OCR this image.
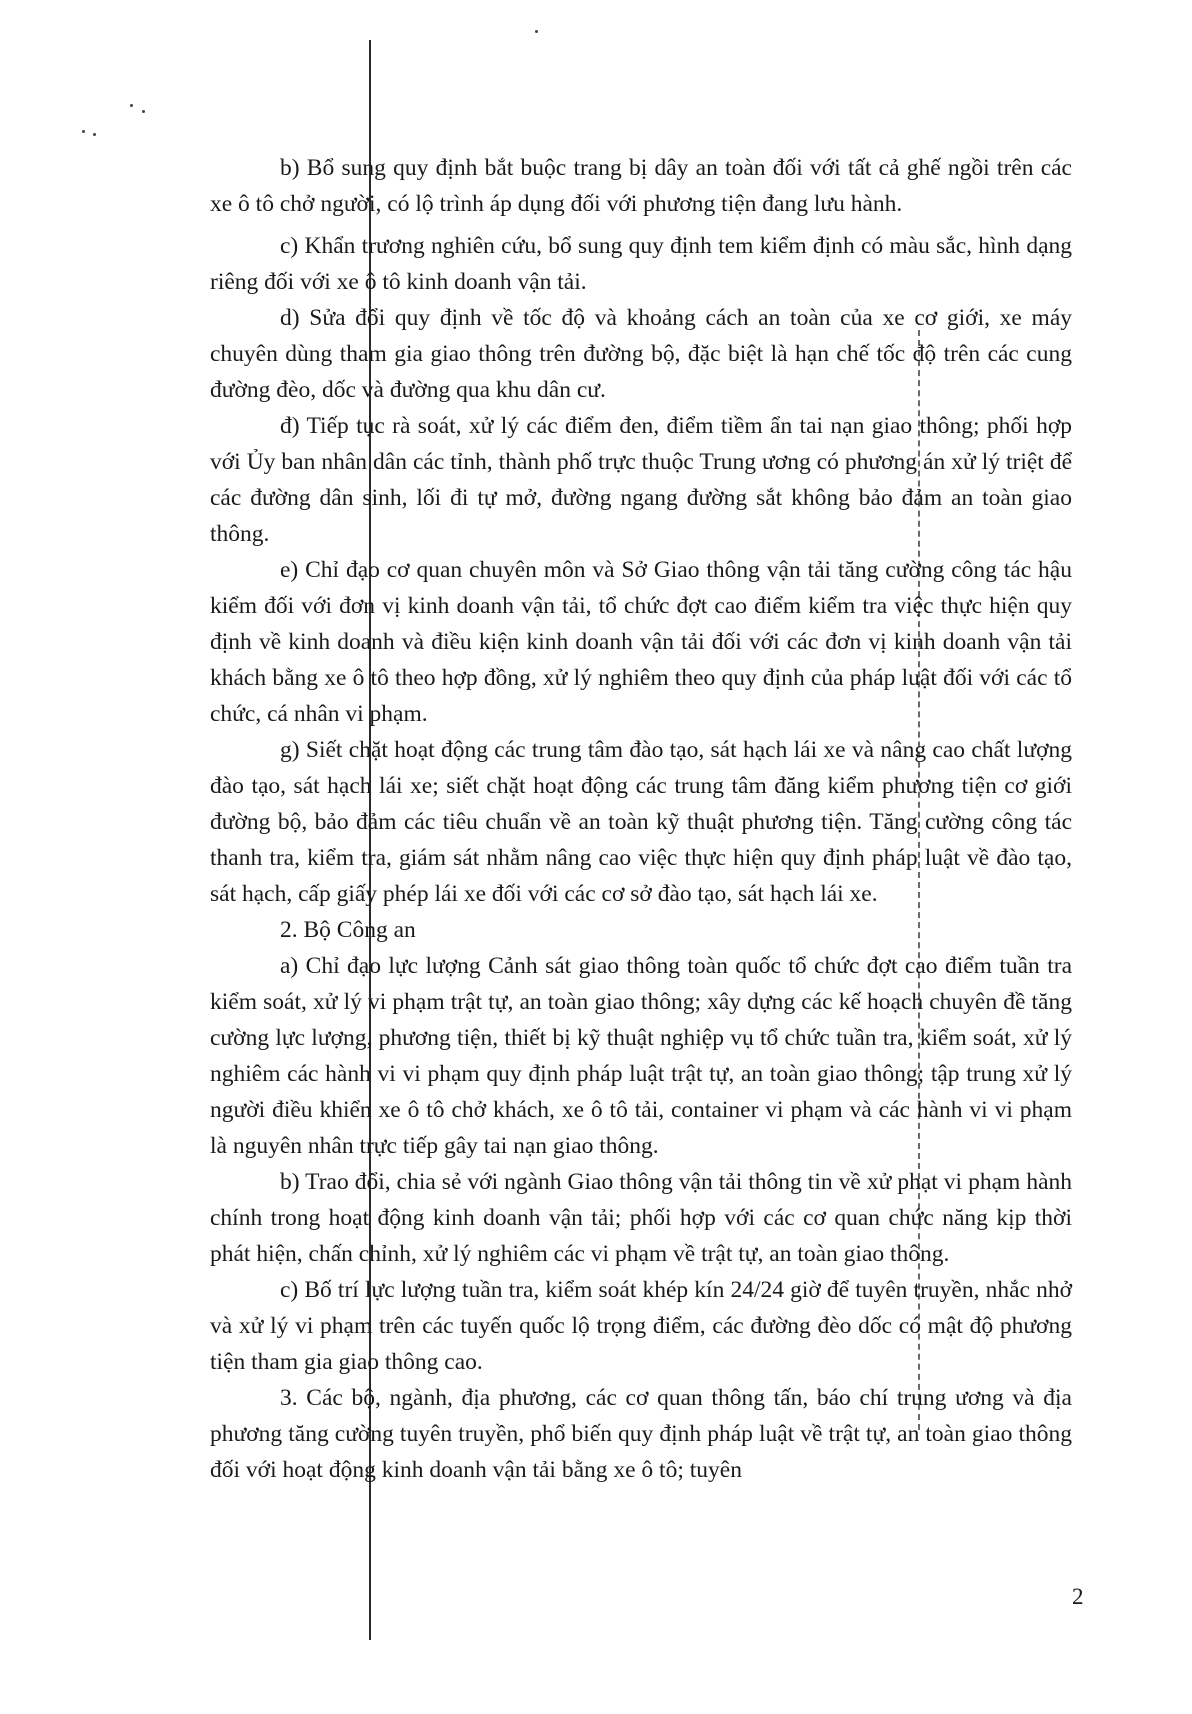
b) Bổ sung quy định bắt buộc trang bị dây an toàn đối với tất cả ghế ngồi trên các xe ô tô chở người, có lộ trình áp dụng đối với phương tiện đang lưu hành.

c) Khẩn trương nghiên cứu, bổ sung quy định tem kiểm định có màu sắc, hình dạng riêng đối với xe ô tô kinh doanh vận tải.

d) Sửa đổi quy định về tốc độ và khoảng cách an toàn của xe cơ giới, xe máy chuyên dùng tham gia giao thông trên đường bộ, đặc biệt là hạn chế tốc độ trên các cung đường đèo, dốc và đường qua khu dân cư.

đ) Tiếp tục rà soát, xử lý các điểm đen, điểm tiềm ẩn tai nạn giao thông; phối hợp với Ủy ban nhân dân các tỉnh, thành phố trực thuộc Trung ương có phương án xử lý triệt để các đường dân sinh, lối đi tự mở, đường ngang đường sắt không bảo đảm an toàn giao thông.

e) Chỉ đạo cơ quan chuyên môn và Sở Giao thông vận tải tăng cường công tác hậu kiểm đối với đơn vị kinh doanh vận tải, tổ chức đợt cao điểm kiểm tra việc thực hiện quy định về kinh doanh và điều kiện kinh doanh vận tải đối với các đơn vị kinh doanh vận tải khách bằng xe ô tô theo hợp đồng, xử lý nghiêm theo quy định của pháp luật đối với các tổ chức, cá nhân vi phạm.

g) Siết chặt hoạt động các trung tâm đào tạo, sát hạch lái xe và nâng cao chất lượng đào tạo, sát hạch lái xe; siết chặt hoạt động các trung tâm đăng kiểm phương tiện cơ giới đường bộ, bảo đảm các tiêu chuẩn về an toàn kỹ thuật phương tiện. Tăng cường công tác thanh tra, kiểm tra, giám sát nhằm nâng cao việc thực hiện quy định pháp luật về đào tạo, sát hạch, cấp giấy phép lái xe đối với các cơ sở đào tạo, sát hạch lái xe.

2. Bộ Công an

a) Chỉ đạo lực lượng Cảnh sát giao thông toàn quốc tổ chức đợt cao điểm tuần tra kiểm soát, xử lý vi phạm trật tự, an toàn giao thông; xây dựng các kế hoạch chuyên đề tăng cường lực lượng, phương tiện, thiết bị kỹ thuật nghiệp vụ tổ chức tuần tra, kiểm soát, xử lý nghiêm các hành vi vi phạm quy định pháp luật trật tự, an toàn giao thông; tập trung xử lý người điều khiển xe ô tô chở khách, xe ô tô tải, container vi phạm và các hành vi vi phạm là nguyên nhân trực tiếp gây tai nạn giao thông.

b) Trao đổi, chia sẻ với ngành Giao thông vận tải thông tin về xử phạt vi phạm hành chính trong hoạt động kinh doanh vận tải; phối hợp với các cơ quan chức năng kịp thời phát hiện, chấn chỉnh, xử lý nghiêm các vi phạm về trật tự, an toàn giao thông.

c) Bố trí lực lượng tuần tra, kiểm soát khép kín 24/24 giờ để tuyên truyền, nhắc nhở và xử lý vi phạm trên các tuyến quốc lộ trọng điểm, các đường đèo dốc có mật độ phương tiện tham gia giao thông cao.

3. Các bộ, ngành, địa phương, các cơ quan thông tấn, báo chí trung ương và địa phương tăng cường tuyên truyền, phổ biến quy định pháp luật về trật tự, an toàn giao thông đối với hoạt động kinh doanh vận tải bằng xe ô tô; tuyên

2
